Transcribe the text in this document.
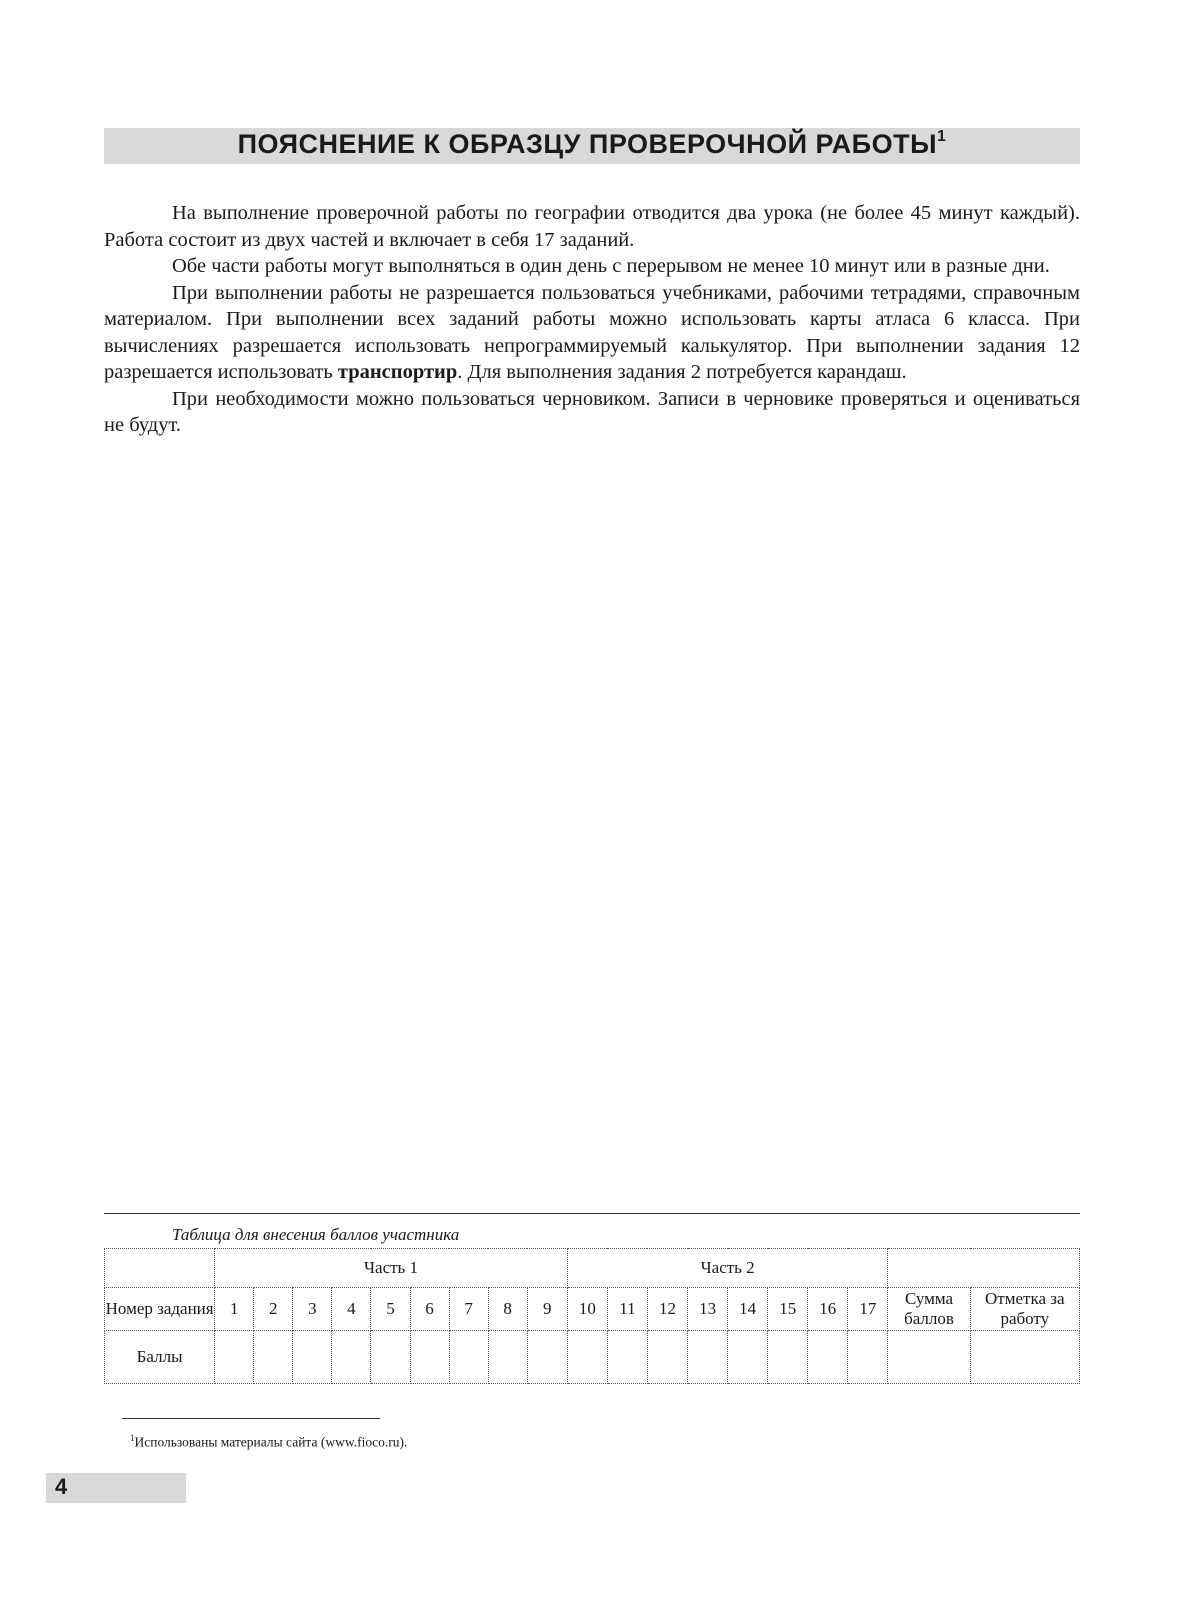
ПОЯСНЕНИЕ К ОБРАЗЦУ ПРОВЕРОЧНОЙ РАБОТЫ$^1$

На выполнение проверочной работы по географии отводится два урока (не более 45 минут каждый). Работа состоит из двух частей и включает в себя 17 заданий.

Обе части работы могут выполняться в один день с перерывом не менее 10 минут или в разные дни.

При выполнении работы не разрешается пользоваться учебниками, рабочими тетрадями, справочным материалом. При выполнении всех заданий работы можно использовать карты атласа 6 класса. При вычислениях разрешается использовать непрограммируемый калькулятор. При выполнении задания 12 разрешается использовать транспортир. Для выполнения задания 2 потребуется карандаш.

При необходимости можно пользоваться черновиком. Записи в черновике проверяться и оцениваться не будут.

Таблица для внесения баллов участника
	Часть 1									Часть 2									
Номер задания	1	2	3	4	5	6	7	8	9	10	11	12	13	14	15	16	17	Сумма баллов	Отметка за работу
Баллы																			
$^1$Использованы материалы сайта (www.fioco.ru).
4
